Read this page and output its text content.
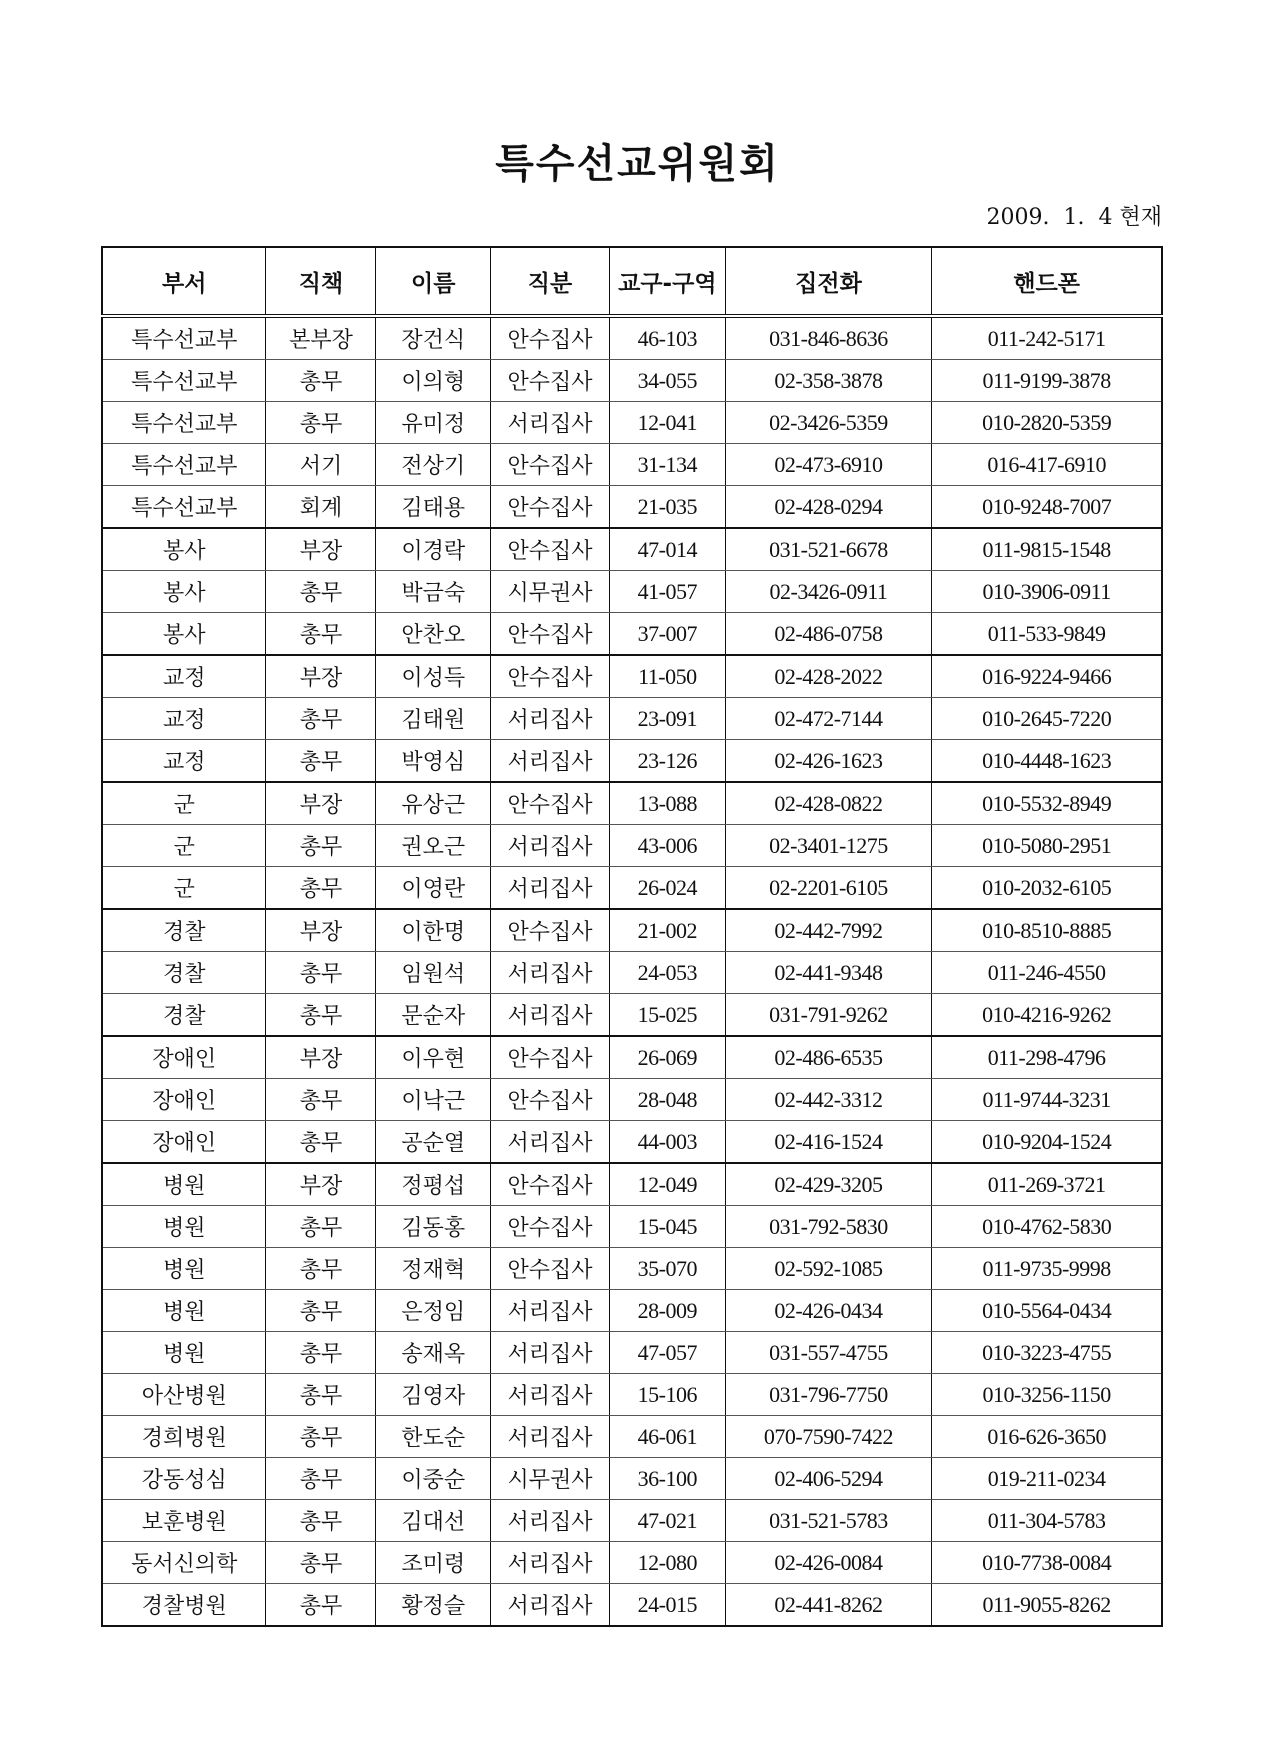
특수선교위원회
2009.  1.  4 현재
부서	직책	이름	직분	교구-구역	집전화	핸드폰
특수선교부	본부장	장건식	안수집사	46-103	031-846-8636	011-242-5171
특수선교부	총무	이의형	안수집사	34-055	02-358-3878	011-9199-3878
특수선교부	총무	유미정	서리집사	12-041	02-3426-5359	010-2820-5359
특수선교부	서기	전상기	안수집사	31-134	02-473-6910	016-417-6910
특수선교부	회계	김태용	안수집사	21-035	02-428-0294	010-9248-7007
봉사	부장	이경락	안수집사	47-014	031-521-6678	011-9815-1548
봉사	총무	박금숙	시무권사	41-057	02-3426-0911	010-3906-0911
봉사	총무	안찬오	안수집사	37-007	02-486-0758	011-533-9849
교정	부장	이성득	안수집사	11-050	02-428-2022	016-9224-9466
교정	총무	김태원	서리집사	23-091	02-472-7144	010-2645-7220
교정	총무	박영심	서리집사	23-126	02-426-1623	010-4448-1623
군	부장	유상근	안수집사	13-088	02-428-0822	010-5532-8949
군	총무	권오근	서리집사	43-006	02-3401-1275	010-5080-2951
군	총무	이영란	서리집사	26-024	02-2201-6105	010-2032-6105
경찰	부장	이한명	안수집사	21-002	02-442-7992	010-8510-8885
경찰	총무	임원석	서리집사	24-053	02-441-9348	011-246-4550
경찰	총무	문순자	서리집사	15-025	031-791-9262	010-4216-9262
장애인	부장	이우현	안수집사	26-069	02-486-6535	011-298-4796
장애인	총무	이낙근	안수집사	28-048	02-442-3312	011-9744-3231
장애인	총무	공순열	서리집사	44-003	02-416-1524	010-9204-1524
병원	부장	정평섭	안수집사	12-049	02-429-3205	011-269-3721
병원	총무	김동홍	안수집사	15-045	031-792-5830	010-4762-5830
병원	총무	정재혁	안수집사	35-070	02-592-1085	011-9735-9998
병원	총무	은정임	서리집사	28-009	02-426-0434	010-5564-0434
병원	총무	송재옥	서리집사	47-057	031-557-4755	010-3223-4755
아산병원	총무	김영자	서리집사	15-106	031-796-7750	010-3256-1150
경희병원	총무	한도순	서리집사	46-061	070-7590-7422	016-626-3650
강동성심	총무	이중순	시무권사	36-100	02-406-5294	019-211-0234
보훈병원	총무	김대선	서리집사	47-021	031-521-5783	011-304-5783
동서신의학	총무	조미령	서리집사	12-080	02-426-0084	010-7738-0084
경찰병원	총무	황정슬	서리집사	24-015	02-441-8262	011-9055-8262
